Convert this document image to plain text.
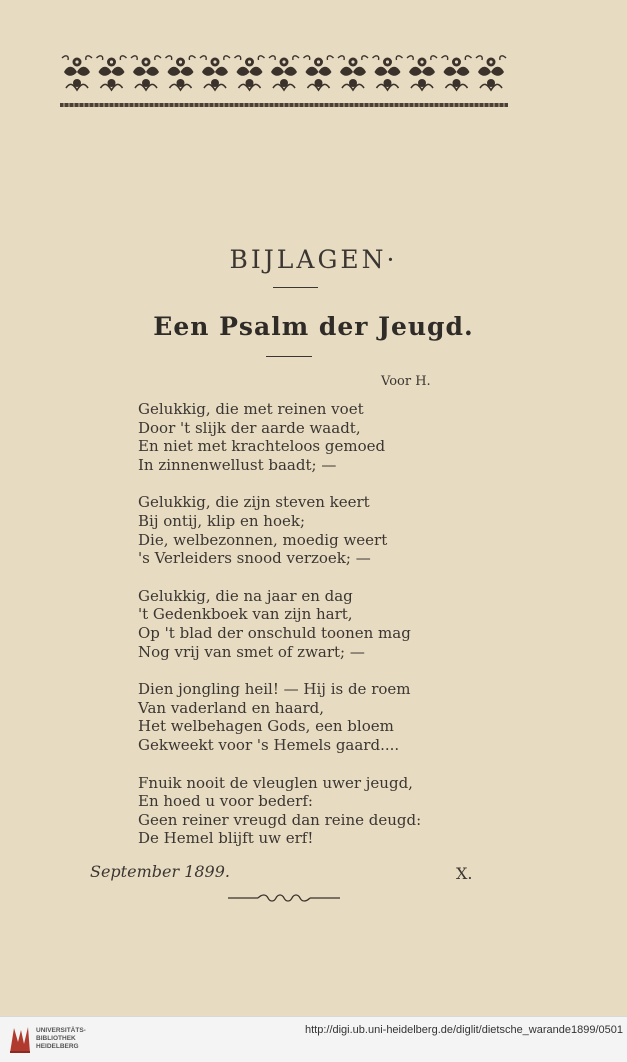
BIJLAGEN·
Een Psalm der Jeugd.
Voor H.
Gelukkig, die met reinen voet
Door 't slijk der aarde waadt,
En niet met krachteloos gemoed
In zinnenwellust baadt; —
Gelukkig, die zijn steven keert
Bij ontij, klip en hoek;
Die, welbezonnen, moedig weert
's Verleiders snood verzoek; —
Gelukkig, die na jaar en dag
't Gedenkboek van zijn hart,
Op 't blad der onschuld toonen mag
Nog vrij van smet of zwart; —
Dien jongling heil! — Hij is de roem
Van vaderland en haard,
Het welbehagen Gods, een bloem
Gekweekt voor 's Hemels gaard....
Fnuik nooit de vleuglen uwer jeugd,
En hoed u voor bederf:
Geen reiner vreugd dan reine deugd:
De Hemel blijft uw erf!
September 1899.	X.
UNIVERSITÄTS-
BIBLIOTHEK
HEIDELBERG
http://digi.ub.uni-heidelberg.de/diglit/dietsche_warande1899/0501
